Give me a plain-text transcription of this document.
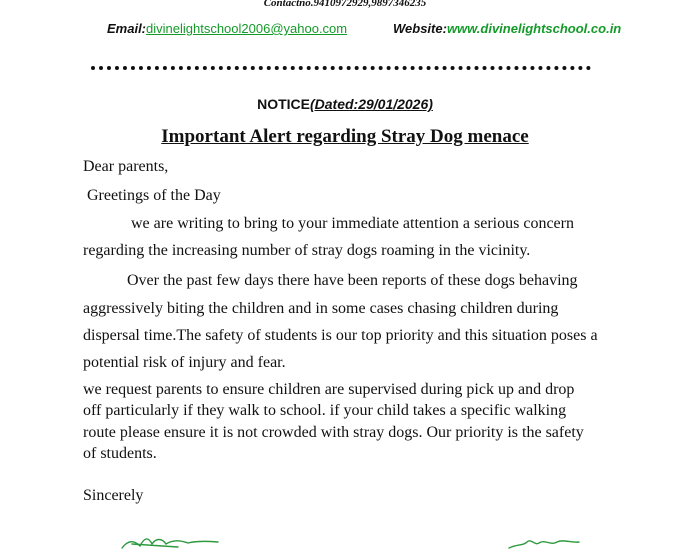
Contactno.9410972929,9897346235
Email:divinelightschool2006@yahoo.com	Website:www.divinelightschool.co.in
NOTICE(Dated:29/01/2026)
Important Alert regarding Stray Dog menace
Dear parents,
Greetings of the Day
we are writing to bring to your immediate attention a serious concern
regarding the increasing number of stray dogs roaming in the vicinity.
Over the past few days there have been reports of these dogs behaving
aggressively biting the children and in some cases chasing children during
dispersal time.The safety of students is our top priority and this situation poses a
potential risk of injury and fear.
we request parents to ensure children are supervised during pick up and drop
off particularly if they walk to school. if your child takes a specific walking
route please ensure it is not crowded with stray dogs. Our priority is the safety
of students.
Sincerely
